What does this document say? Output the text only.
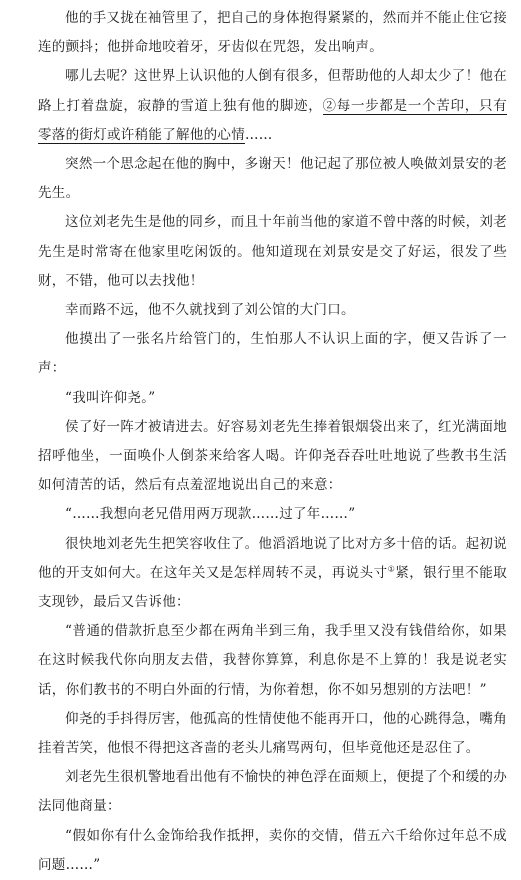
他的手又拢在袖管里了，把自己的身体抱得紧紧的，然而并不能止住它接连的颤抖；他拼命地咬着牙，牙齿似在咒怨，发出响声。

哪儿去呢？这世界上认识他的人倒有很多，但帮助他的人却太少了！他在路上打着盘旋，寂静的雪道上独有他的脚迹，②每一步都是一个苦印，只有零落的街灯或许稍能了解他的心情……

突然一个思念起在他的胸中，多谢天！他记起了那位被人唤做刘景安的老先生。

这位刘老先生是他的同乡，而且十年前当他的家道不曾中落的时候，刘老先生是时常寄在他家里吃闲饭的。他知道现在刘景安是交了好运，很发了些财，不错，他可以去找他！

幸而路不远，他不久就找到了刘公馆的大门口。

他摸出了一张名片给管门的，生怕那人不认识上面的字，便又告诉了一声：

“我叫许仰尧。”

侯了好一阵才被请进去。好容易刘老先生捧着银烟袋出来了，红光满面地招呼他坐，一面唤仆人倒茶来给客人喝。许仰尧吞吞吐吐地说了些教书生活如何清苦的话，然后有点羞涩地说出自己的来意：

“……我想向老兄借用两万现款……过了年……”

很快地刘老先生把笑容收住了。他滔滔地说了比对方多十倍的话。起初说他的开支如何大。在这年关又是怎样周转不灵，再说头寸①紧，银行里不能取支现钞，最后又告诉他：

“普通的借款折息至少都在两角半到三角，我手里又没有钱借给你，如果在这时候我代你向朋友去借，我替你算算，利息你是不上算的！我是说老实话，你们教书的不明白外面的行情，为你着想，你不如另想别的方法吧！”

仰尧的手抖得厉害，他孤高的性情使他不能再开口，他的心跳得急，嘴角挂着苦笑，他恨不得把这吝啬的老头儿痛骂两句，但毕竟他还是忍住了。

刘老先生很机警地看出他有不愉快的神色浮在面颊上，便提了个和缓的办法同他商量：

“假如你有什么金饰给我作抵押，卖你的交情，借五六千给你过年总不成问题……”
